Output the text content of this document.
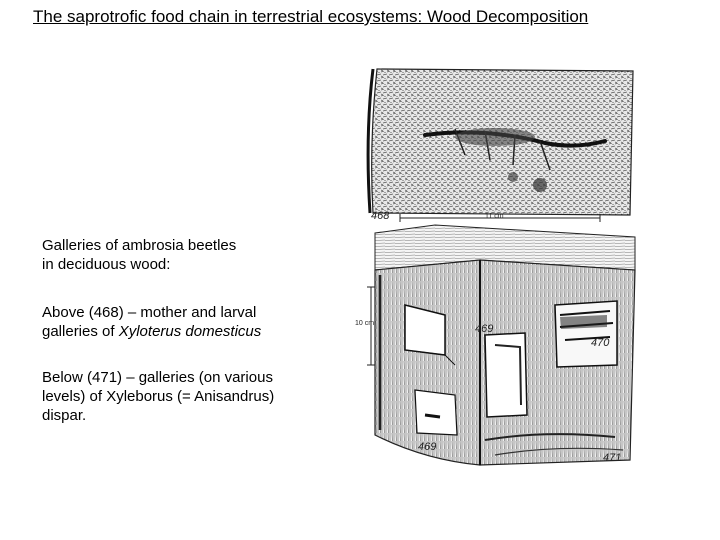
The saprotrofic food chain in terrestrial ecosystems: Wood Decomposition
Galleries of ambrosia beetles
in deciduous wood:
Above (468) – mother and larval
galleries of Xyloterus domesticus
Below (471) – galleries (on various
levels) of Xyleborus (= Anisandrus)
dispar.
468	11 cm
10 cm	469
470
469
471
